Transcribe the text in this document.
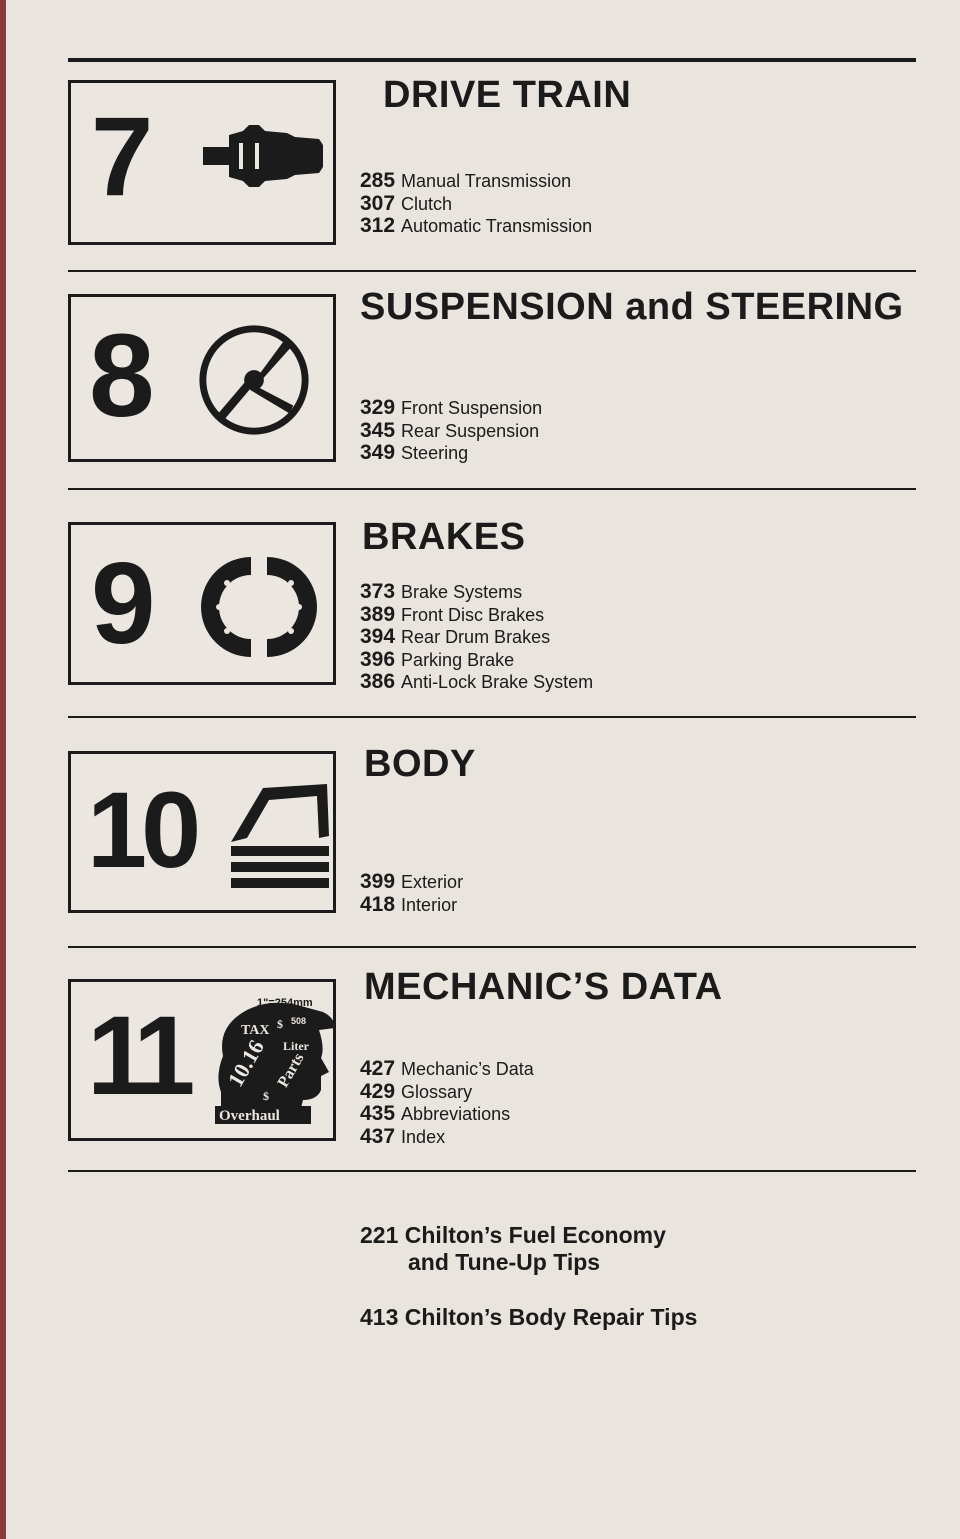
7	DRIVE TRAIN
285 Manual Transmission
307 Clutch
312 Automatic Transmission
8
SUSPENSION and STEERING
329 Front Suspension
345 Rear Suspension
349 Steering
9
BRAKES
373 Brake Systems
389 Front Disc Brakes
394 Rear Drum Brakes
396 Parking Brake
386 Anti-Lock Brake System
10
BODY
399 Exterior
418 Interior
11	1"=254mm
TAX $ 508
Liter
10.16 Parts
$
Overhaul
MECHANIC’S DATA
427 Mechanic’s Data
429 Glossary
435 Abbreviations
437 Index
221 Chilton’s Fuel Economy
and Tune-Up Tips
413 Chilton’s Body Repair Tips
